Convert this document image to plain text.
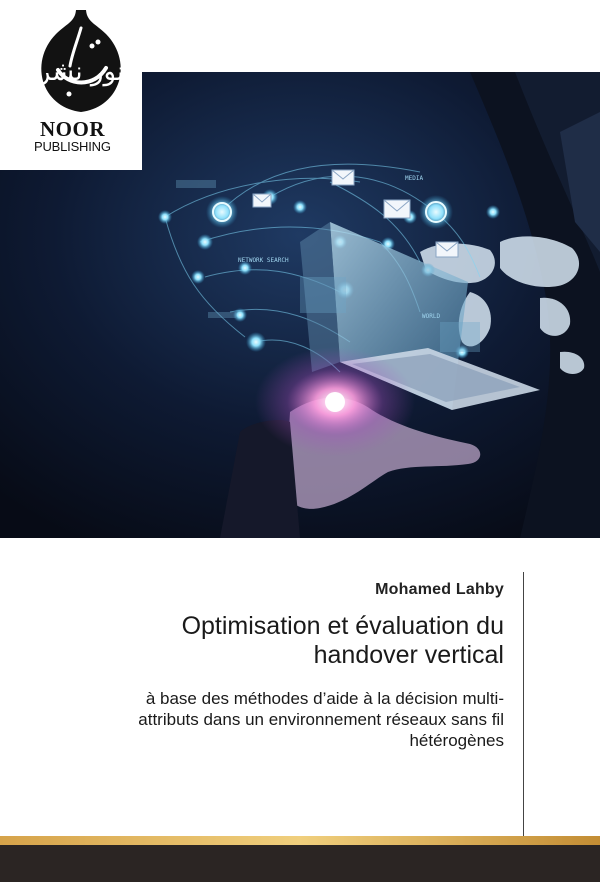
نور نشر
NOOR
PUBLISHING
MEDIA
WORLD
NETWORK SEARCH
Mohamed Lahby
Optimisation et évaluation du
handover vertical
à base des méthodes d’aide à la décision multi-
attributs dans un environnement réseaux sans fil
hétérogènes
